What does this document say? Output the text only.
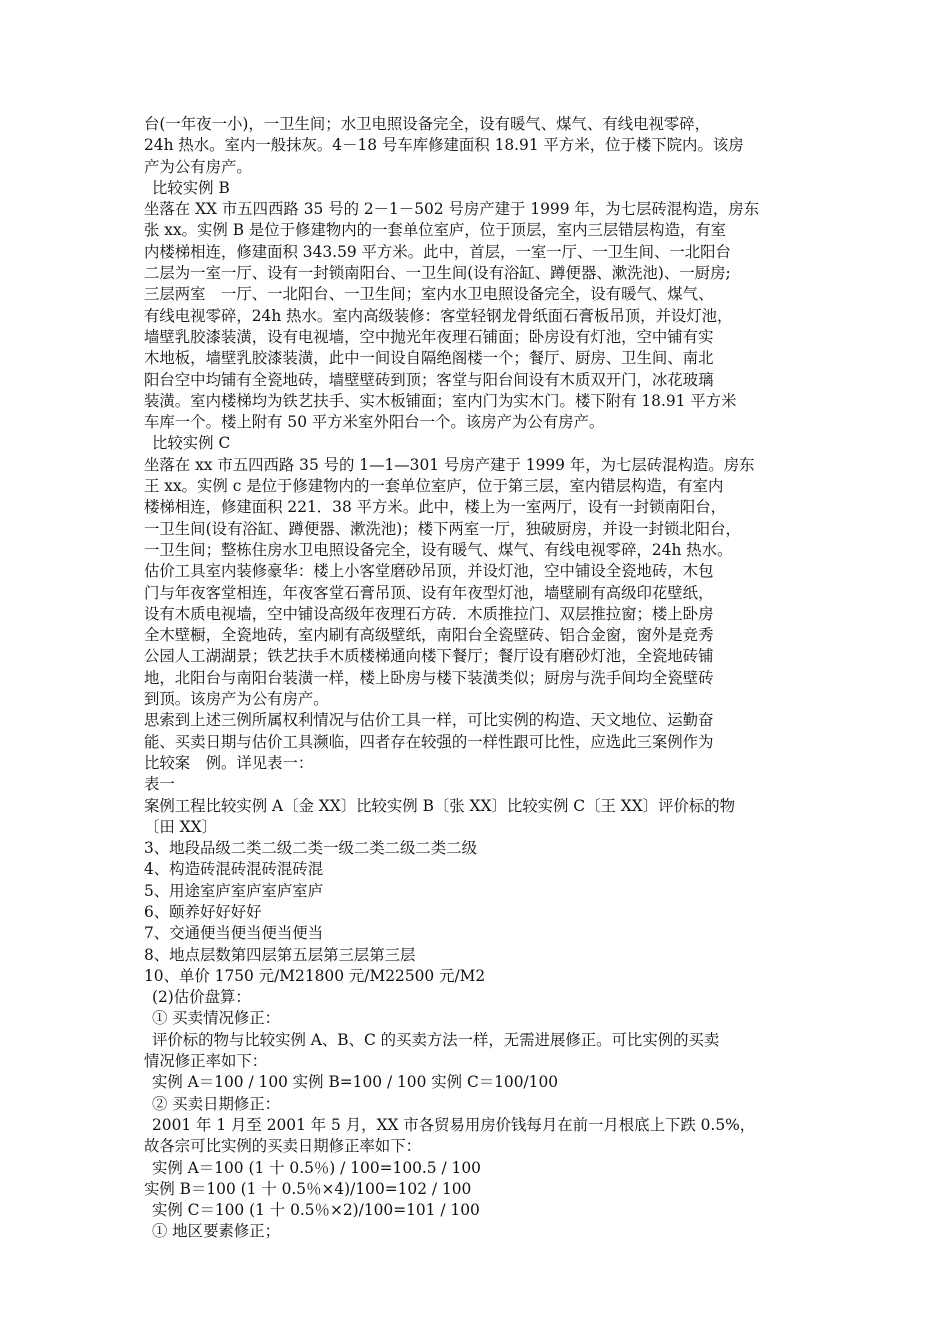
台(一年夜一小)，一卫生间；水卫电照设备完全，设有暖气、煤气、有线电视零碎，
24h 热水。室内一般抹灰。4－18 号车库修建面积 18.91 平方米，位于楼下院内。该房
产为公有房产。
比较实例 B
坐落在 XX 市五四西路 35 号的 2－1－502 号房产建于 1999 年，为七层砖混构造，房东
张 xx。实例 B 是位于修建物内的一套单位室庐，位于顶层，室内三层错层构造，有室
内楼梯相连，修建面积 343.59 平方米。此中，首层，一室一厅、一卫生间、一北阳台
二层为一室一厅、设有一封锁南阳台、一卫生间(设有浴缸、蹲便器、漱洗池)、一厨房;
三层两室　一厅、一北阳台、一卫生间；室内水卫电照设备完全，设有暖气、煤气、
有线电视零碎，24h 热水。室内高级装修：客堂轻钢龙骨纸面石膏板吊顶，并设灯池，
墙壁乳胶漆装潢，设有电视墙，空中抛光年夜理石铺面；卧房设有灯池，空中铺有实
木地板，墙壁乳胶漆装潢，此中一间设自隔绝阁楼一个；餐厅、厨房、卫生间、南北
阳台空中均铺有全瓷地砖，墙壁壁砖到顶；客堂与阳台间设有木质双开门，冰花玻璃
装潢。室内楼梯均为铁艺扶手、实木板铺面；室内门为实木门。楼下附有 18.91 平方米
车库一个。楼上附有 50 平方米室外阳台一个。该房产为公有房产。
比较实例 C
坐落在 xx 市五四西路 35 号的 1—1—301 号房产建于 1999 年，为七层砖混构造。房东
王 xx。实例 c 是位于修建物内的一套单位室庐，位于第三层，室内错层构造，有室内
楼梯相连，修建面积 221．38 平方米。此中，楼上为一室两厅，设有一封锁南阳台，
一卫生间(设有浴缸、蹲便器、漱洗池)；楼下两室一厅，独破厨房，并设一封锁北阳台，
一卫生间；整栋住房水卫电照设备完全，设有暖气、煤气、有线电视零碎，24h 热水。
估价工具室内装修豪华：楼上小客堂磨砂吊顶，并设灯池，空中铺设全瓷地砖，木包
门与年夜客堂相连，年夜客堂石膏吊顶、设有年夜型灯池，墙壁刷有高级印花壁纸，
设有木质电视墙，空中铺设高级年夜理石方砖．木质推拉门、双层推拉窗；楼上卧房
全木壁橱，全瓷地砖，室内刷有高级壁纸，南阳台全瓷壁砖、铝合金窗，窗外是竞秀
公园人工湖湖景；铁艺扶手木质楼梯通向楼下餐厅；餐厅设有磨砂灯池，全瓷地砖铺
地，北阳台与南阳台装潢一样，楼上卧房与楼下装潢类似；厨房与洗手间均全瓷壁砖
到顶。该房产为公有房产。
思索到上述三例所属权利情况与估价工具一样，可比实例的构造、天文地位、运勤奋
能、买卖日期与估价工具濒临，四者存在较强的一样性跟可比性，应选此三案例作为
比较案　例。详见表一：
表一
案例工程比较实例 A〔金 XX〕比较实例 B〔张 XX〕比较实例 C〔王 XX〕评价标的物
〔田 XX〕
3、地段品级二类二级二类一级二类二级二类二级
4、构造砖混砖混砖混砖混
5、用途室庐室庐室庐室庐
6、颐养好好好好
7、交通便当便当便当便当
8、地点层数第四层第五层第三层第三层
10、单价 1750 元/M21800 元/M22500 元/M2
(2)估价盘算：
① 买卖情况修正：
评价标的物与比较实例 A、B、C 的买卖方法一样，无需进展修正。可比实例的买卖
情况修正率如下：
实例 A＝100 / 100 实例 B=100 / 100 实例 C＝100/100
② 买卖日期修正：
2001 年 1 月至 2001 年 5 月，XX 市各贸易用房价钱每月在前一月根底上下跌 0.5%，
故各宗可比实例的买卖日期修正率如下：
实例 A＝100 (1 十 0.5％) / 100=100.5 / 100
实例 B＝100 (1 十 0.5％×4)/100=102 / 100
实例 C＝100 (1 十 0.5％×2)/100=101 / 100
① 地区要素修正；
